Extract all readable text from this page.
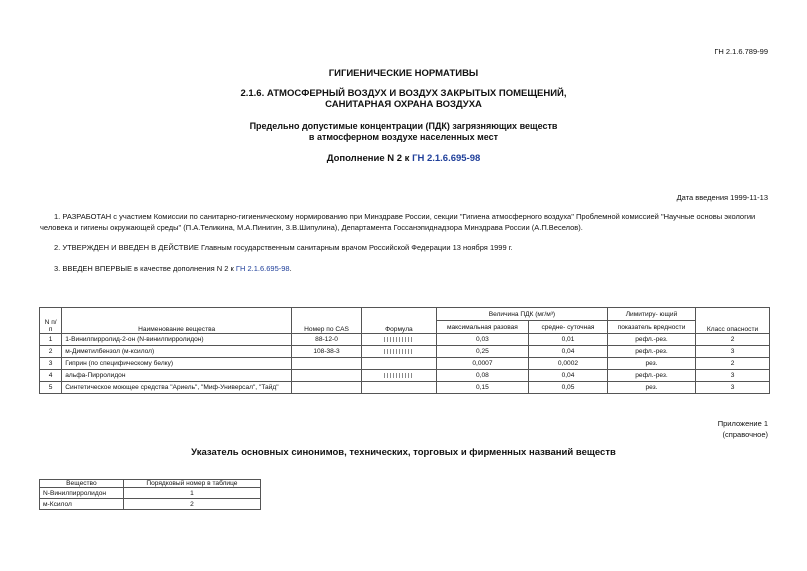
ГН 2.1.6.789-99
ГИГИЕНИЧЕСКИЕ НОРМАТИВЫ
2.1.6. АТМОСФЕРНЫЙ ВОЗДУХ И ВОЗДУХ ЗАКРЫТЫХ ПОМЕЩЕНИЙ,
САНИТАРНАЯ ОХРАНА ВОЗДУХА
Предельно допустимые концентрации (ПДК) загрязняющих веществ
в атмосферном воздухе населенных мест
Дополнение N 2 к ГН 2.1.6.695-98
Дата введения 1999-11-13
1. РАЗРАБОТАН с участием Комиссии по санитарно-гигиеническому нормированию при Минздраве России, секции "Гигиена атмосферного воздуха" Проблемной комиссией "Научные основы экологии человека и гигиены окружающей среды" (П.А.Теликина, М.А.Пинигин, З.В.Шипулина), Департамента Госсанэпиднадзора Минздрава России (А.П.Веселов).
2. УТВЕРЖДЕН И ВВЕДЕН В ДЕЙСТВИЕ Главным государственным санитарным врачом Российской Федерации 13 ноября 1999 г.
3. ВВЕДЕН ВПЕРВЫЕ в качестве дополнения N 2 к ГН 2.1.6.695-98.
N п/п	Наименование вещества	Номер по CAS	Формула	Величина ПДК (мг/м³)		Лимитиру- ющий	Класс опасности
				максимальная разовая	средне- суточная	показатель вредности	
1	1-Винилпирролид-2-он (N-винилпирролидон)	88-12-0		0,03	0,01	рефл.-рез.	2
2	м-Диметилбензол (м-ксилол)	108-38-3		0,25	0,04	рефл.-рез.	3
3	Гиприн (по специфическому белку)			0,0007	0,0002	рез.	2
4	альфа-Пирролидон			0,08	0,04	рефл.-рез.	3
5	Синтетическое моющее средства "Ариель", "Миф-Универсал", "Тайд"			0,15	0,05	рез.	3
Приложение 1
(справочное)
Указатель основных синонимов, технических, торговых и фирменных названий веществ
Вещество	Порядковый номер в таблице
N-Винилпирролидон	1
м-Ксилол	2
